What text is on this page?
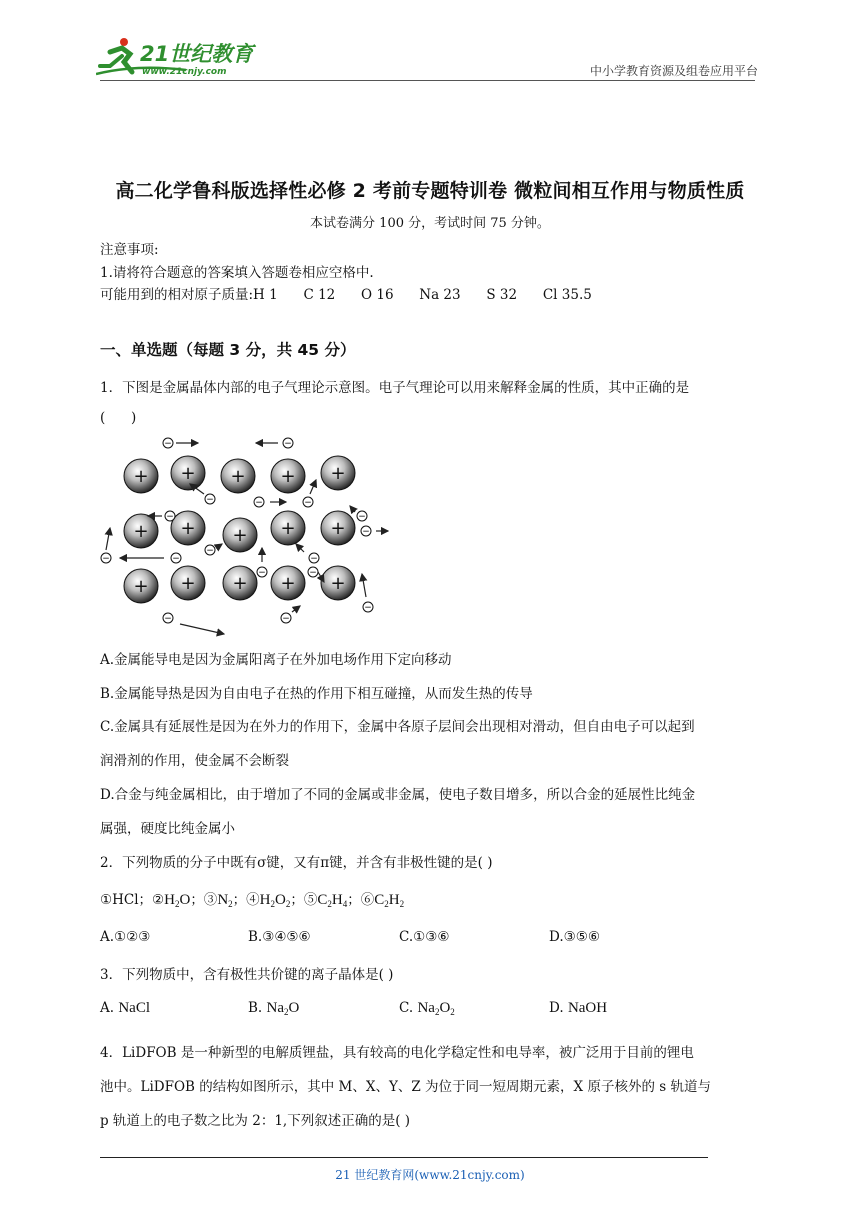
21世纪教育
www.21cnjy.com	中小学教育资源及组卷应用平台
高二化学鲁科版选择性必修 2 考前专题特训卷 微粒间相互作用与物质性质
本试卷满分 100 分，考试时间 75 分钟。
注意事项:
1.请将符合题意的答案填入答题卷相应空格中.
可能用到的相对原子质量:H 1      C 12      O 16      Na 23      S 32      Cl 35.5
一、单选题（每题 3 分，共 45 分）
1．下图是金属晶体内部的电子气理论示意图。电子气理论可以用来解释金属的性质，其中正确的是
(      )
+ + + + +
+ + + + +
+ + + + +
−	−
−	−	−
−	−
−	−
−
−
−
−
−
−
−	−
A.金属能导电是因为金属阳离子在外加电场作用下定向移动
B.金属能导热是因为自由电子在热的作用下相互碰撞，从而发生热的传导
C.金属具有延展性是因为在外力的作用下，金属中各原子层间会出现相对滑动，但自由电子可以起到
润滑剂的作用，使金属不会断裂
D.合金与纯金属相比，由于增加了不同的金属或非金属，使电子数目增多，所以合金的延展性比纯金
属强，硬度比纯金属小
2．下列物质的分子中既有σ键，又有π键，并含有非极性键的是( )
①HCl；$②H_2O$；$③N_2$；$④H_2O_2$；$⑤C_2H_4$；$⑥C_2H_2$
A.①②③	B.③④⑤⑥	C.①③⑥	D.③⑤⑥
3．下列物质中，含有极性共价键的离子晶体是( )
A. NaCl	B. $Na_2O$	C. $Na_2O_2$	D. NaOH
4．LiDFOB 是一种新型的电解质锂盐，具有较高的电化学稳定性和电导率，被广泛用于目前的锂电
池中。LiDFOB 的结构如图所示，其中 M、X、Y、Z 为位于同一短周期元素，X 原子核外的 s 轨道与
p 轨道上的电子数之比为 2：1,下列叙述正确的是( )
21 世纪教育网(www.21cnjy.com)
